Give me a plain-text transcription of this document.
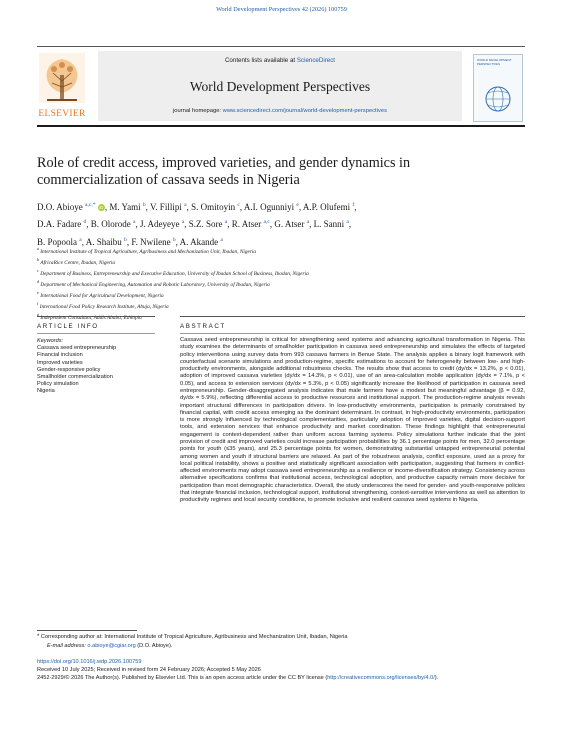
World Development Perspectives 42 (2026) 100759
ELSEVIER
Contents lists available at ScienceDirect
World Development Perspectives
journal homepage: www.sciencedirect.com/journal/world-development-perspectives
WORLD DEVELOPMENT PERSPECTIVES
Role of credit access, improved varieties, and gender dynamics in
commercialization of cassava seeds in Nigeria
D.O. Abioye $^{a,c,*}$ iD, M. Yami $^b$, V. Fillipi $^a$, S. Omitoyin $^c$, A.I. Ogunniyi $^e$, A.P. Olufemi $^f$,
D.A. Fadare $^d$, B. Olorode $^a$, J. Adeyeye $^a$, S.Z. Sore $^a$, R. Atser $^{a,c}$, G. Atser $^a$, L. Sanni $^a$,
B. Popoola $^a$, A. Shaibu $^b$, F. Nwilene $^b$, A. Akande $^a$
$^a$ International Institute of Tropical Agriculture, Agribusiness and Mechanization Unit, Ibadan, Nigeria
$^b$ AfricaRice Centre, Ibadan, Nigeria
$^c$ Department of Business, Entrepreneurship and Executive Education, University of Ibadan School of Business, Ibadan, Nigeria
$^d$ Department of Mechanical Engineering, Automation and Robotic Laboratory, University of Ibadan, Nigeria
$^e$ International Food for Agricultural Development, Nigeria
$^f$ International Food Policy Research Institute, Abuja, Nigeria
$^g$ Independent Consultant, Addis Ababa, Ethiopia
ARTICLE INFO	ABSTRACT
Keywords:
Cassava seed entrepreneurship
Financial inclusion
Improved varieties
Gender-responsive policy
Smallholder commercialization
Policy simulation
Nigeria
Cassava seed entrepreneurship is critical for strengthening seed systems and advancing agricultural transformation in Nigeria. This study examines the determinants of smallholder participation in cassava seed entrepreneurship and simulates the effects of targeted policy interventions using survey data from 993 cassava farmers in Benue State. The analysis applies a binary logit framework with counterfactual scenario simulations and production-regime, specific estimations to account for heterogeneity between low- and high-productivity environments, alongside additional robustness checks. The results show that access to credit (dy/dx = 13.2%, p < 0.01), adoption of improved cassava varieties (dy/dx = 14.3%, p < 0.01), use of an area-calculation mobile application (dy/dx = 7.1%, p < 0.05), and access to extension services (dy/dx = 5.3%, p < 0.05) significantly increase the likelihood of participation in cassava seed entrepreneurship. Gender-disaggregated analysis indicates that male farmers have a modest but meaningful advantage (β = 0.92, dy/dx = 5.9%), reflecting differential access to productive resources and institutional support. The production-regime analysis reveals important structural differences in participation drivers. In low-productivity environments, participation is primarily constrained by financial capital, with credit access emerging as the dominant determinant. In contrast, in high-productivity environments, participation is more strongly influenced by technological complementarities, particularly adoption of improved varieties, digital decision-support tools, and extension services that enhance productivity and market coordination. These findings highlight that entrepreneurial engagement is context-dependent rather than uniform across farming systems. Policy simulations further indicate that the joint provision of credit and improved varieties could increase participation probabilities by 36.1 percentage points for men, 32.0 percentage points for youth (≤35 years), and 25.3 percentage points for women, demonstrating substantial untapped entrepreneurial potential among women and youth if structural barriers are relaxed. As part of the robustness analysis, conflict exposure, used as a proxy for local political instability, shows a positive and statistically significant association with participation, suggesting that farmers in conflict-affected environments may adopt cassava seed entrepreneurship as a resilience or income-diversification strategy. Consistency across alternative specifications confirms that institutional access, technological adoption, and productive capacity remain more decisive for participation than most demographic characteristics. Overall, the study underscores the need for gender- and youth-responsive policies that integrate financial inclusion, technological support, institutional strengthening, context-sensitive interventions as well as attention to productivity regimes and local security conditions, to promote inclusive and resilient cassava seed systems in Nigeria.
* Corresponding author at: International Institute of Tropical Agriculture, Agribusiness and Mechanization Unit, Ibadan, Nigeria
E-mail address: o.abioye@cgiar.org (D.O. Abioye).
https://doi.org/10.1016/j.wdp.2026.100759
Received 10 July 2025; Received in revised form 24 February 2026; Accepted 5 May 2026
2452-2929/© 2026 The Author(s). Published by Elsevier Ltd. This is an open access article under the CC BY license (http://creativecommons.org/licenses/by/4.0/).
